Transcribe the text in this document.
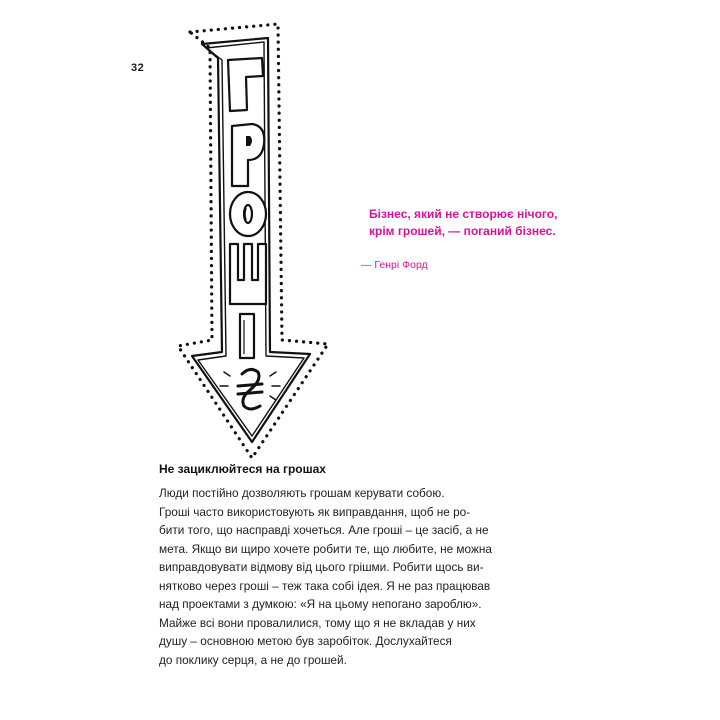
32
Бізнес, який не створює нічого, крім грошей, — поганий бізнес.
— Генрі Форд
Не зациклюйтеся на грошах
Люди постійно дозволяють грошам керувати собою.
Гроші часто використовують як виправдання, щоб не ро-
бити того, що насправді хочеться. Але гроші – це засіб, а не
мета. Якщо ви щиро хочете робити те, що любите, не можна
виправдовувати відмову від цього грішми. Робити щось ви-
нятково через гроші – теж така собі ідея. Я не раз працював
над проектами з думкою: «Я на цьому непогано зароблю».
Майже всі вони провалилися, тому що я не вкладав у них
душу – основною метою був заробіток. Дослухайтеся
до поклику серця, а не до грошей.
